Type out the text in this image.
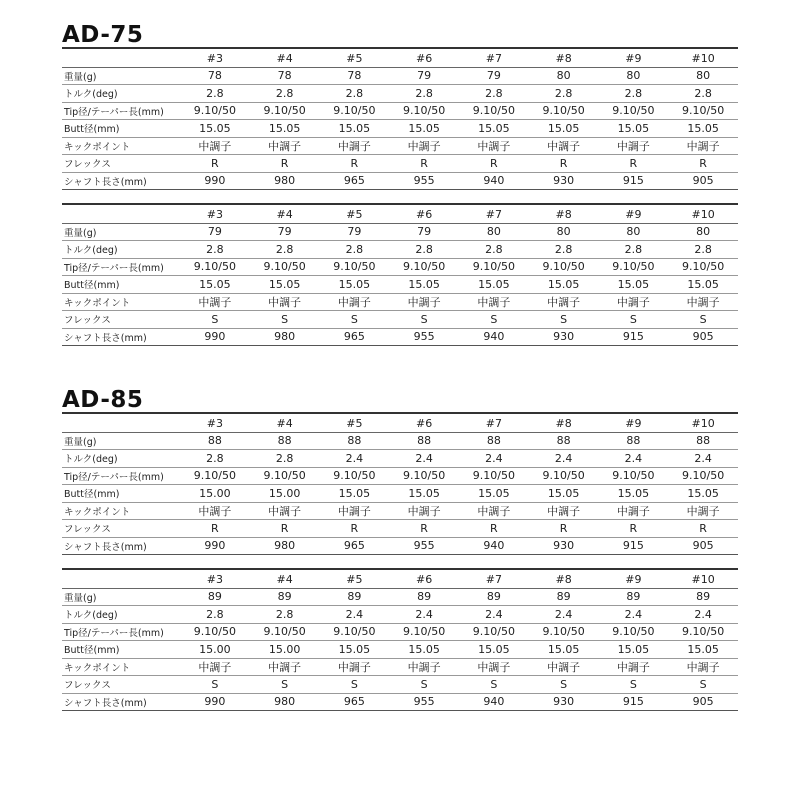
AD-75
	#3	#4	#5	#6	#7	#8	#9	#10
重量(g)	78	78	78	79	79	80	80	80
トルク(deg)	2.8	2.8	2.8	2.8	2.8	2.8	2.8	2.8
Tip径/テーパー長(mm)	9.10/50	9.10/50	9.10/50	9.10/50	9.10/50	9.10/50	9.10/50	9.10/50
Butt径(mm)	15.05	15.05	15.05	15.05	15.05	15.05	15.05	15.05
キックポイント	中調子	中調子	中調子	中調子	中調子	中調子	中調子	中調子
フレックス	R	R	R	R	R	R	R	R
シャフト長さ(mm)	990	980	965	955	940	930	915	905
	#3	#4	#5	#6	#7	#8	#9	#10
重量(g)	79	79	79	79	80	80	80	80
トルク(deg)	2.8	2.8	2.8	2.8	2.8	2.8	2.8	2.8
Tip径/テーパー長(mm)	9.10/50	9.10/50	9.10/50	9.10/50	9.10/50	9.10/50	9.10/50	9.10/50
Butt径(mm)	15.05	15.05	15.05	15.05	15.05	15.05	15.05	15.05
キックポイント	中調子	中調子	中調子	中調子	中調子	中調子	中調子	中調子
フレックス	S	S	S	S	S	S	S	S
シャフト長さ(mm)	990	980	965	955	940	930	915	905
AD-85
	#3	#4	#5	#6	#7	#8	#9	#10
重量(g)	88	88	88	88	88	88	88	88
トルク(deg)	2.8	2.8	2.4	2.4	2.4	2.4	2.4	2.4
Tip径/テーパー長(mm)	9.10/50	9.10/50	9.10/50	9.10/50	9.10/50	9.10/50	9.10/50	9.10/50
Butt径(mm)	15.00	15.00	15.05	15.05	15.05	15.05	15.05	15.05
キックポイント	中調子	中調子	中調子	中調子	中調子	中調子	中調子	中調子
フレックス	R	R	R	R	R	R	R	R
シャフト長さ(mm)	990	980	965	955	940	930	915	905
	#3	#4	#5	#6	#7	#8	#9	#10
重量(g)	89	89	89	89	89	89	89	89
トルク(deg)	2.8	2.8	2.4	2.4	2.4	2.4	2.4	2.4
Tip径/テーパー長(mm)	9.10/50	9.10/50	9.10/50	9.10/50	9.10/50	9.10/50	9.10/50	9.10/50
Butt径(mm)	15.00	15.00	15.05	15.05	15.05	15.05	15.05	15.05
キックポイント	中調子	中調子	中調子	中調子	中調子	中調子	中調子	中調子
フレックス	S	S	S	S	S	S	S	S
シャフト長さ(mm)	990	980	965	955	940	930	915	905
